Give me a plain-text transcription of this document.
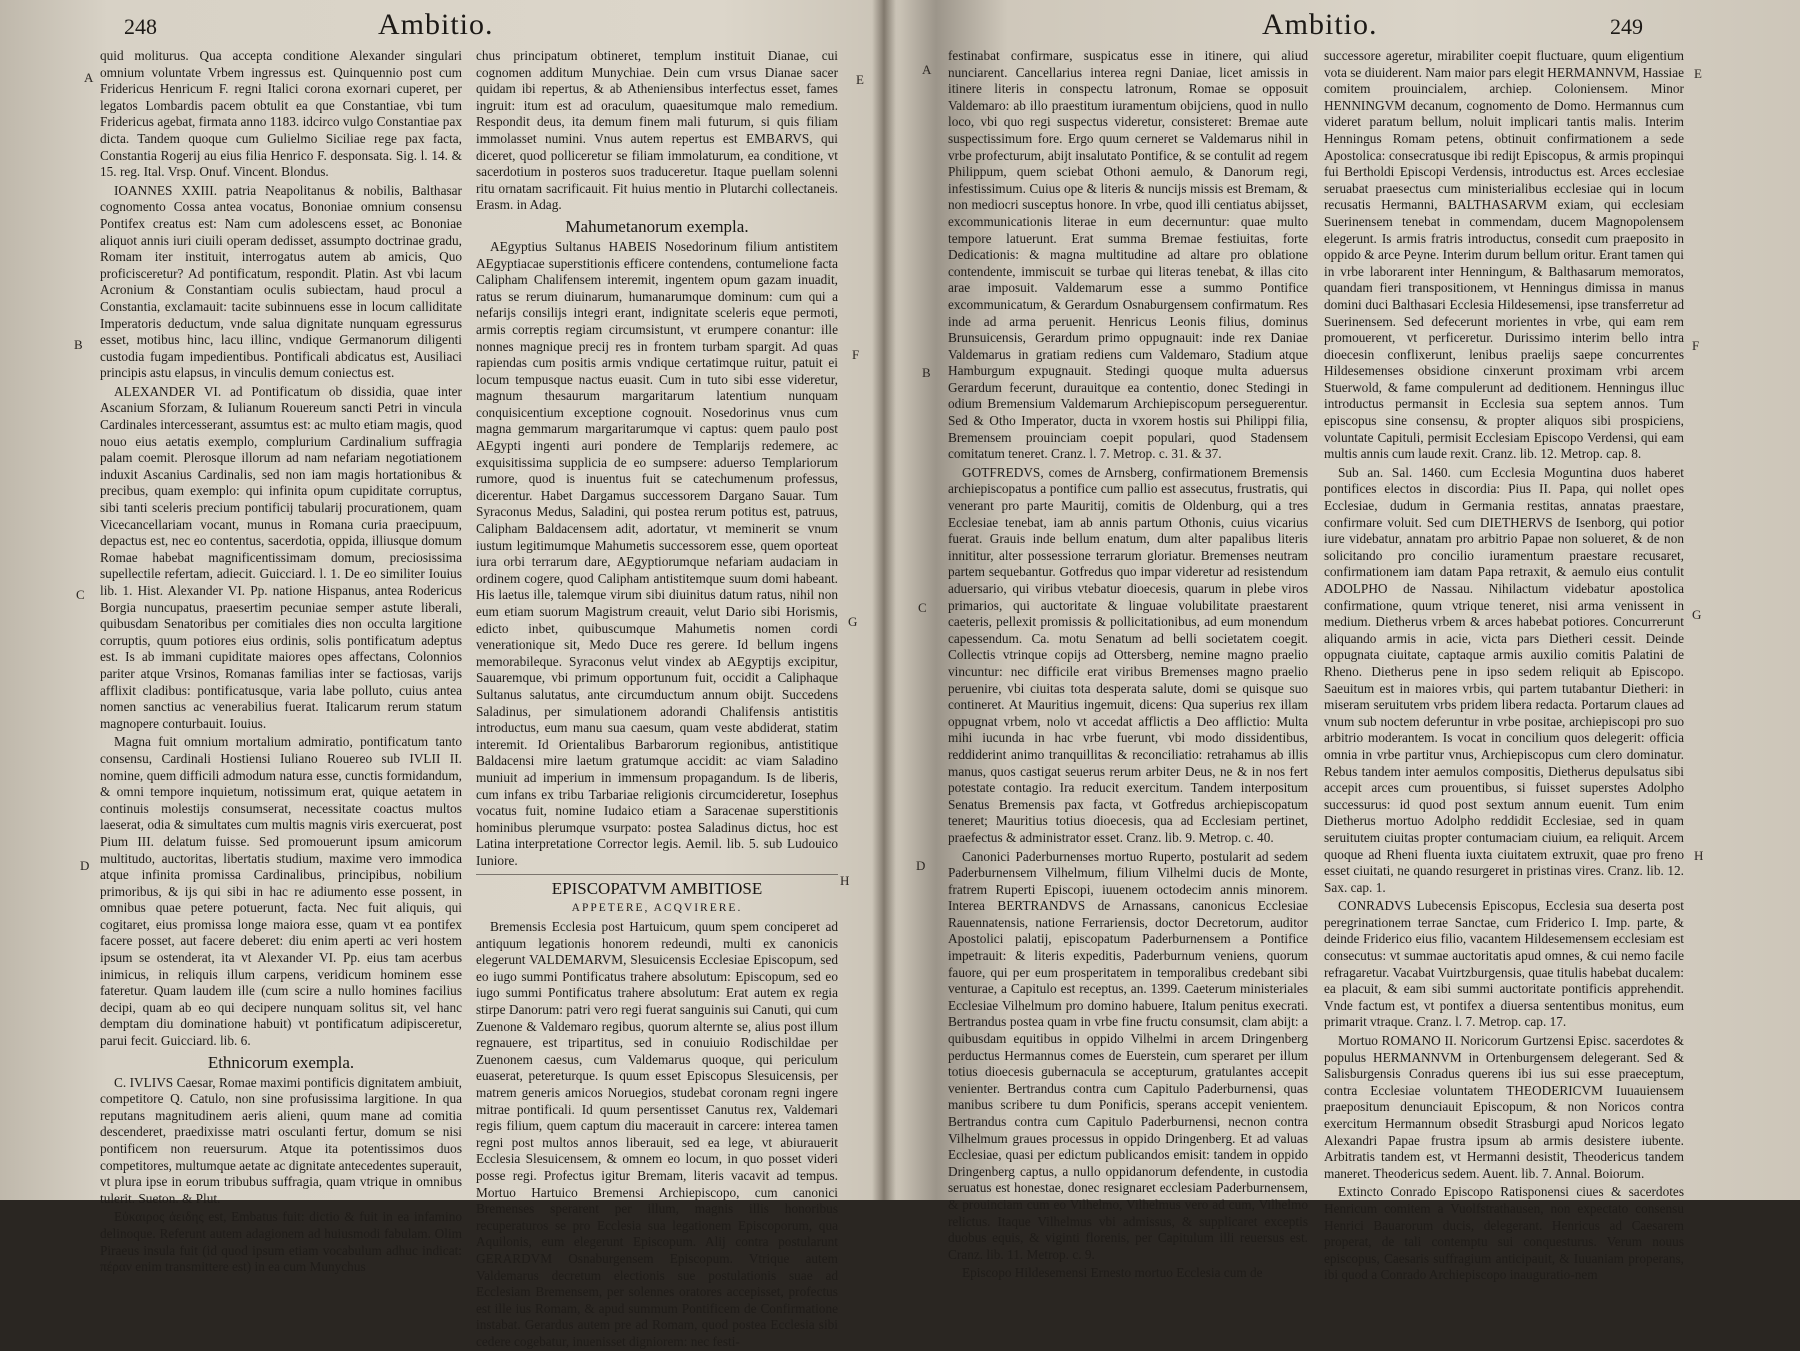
248	Ambitio.
A
B
C
D
E
F
G
H

quid moliturus. Qua accepta conditione Alexander singulari omnium voluntate Vrbem ingressus est. Quinquennio post cum Fridericus Henricum F. regni Italici corona exornari cuperet, per legatos Lombardis pacem obtulit ea que Constantiae, vbi tum Fridericus agebat, firmata anno 1183. idcirco vulgo Constantiae pax dicta. Tandem quoque cum Gulielmo Siciliae rege pax facta, Constantia Rogerij au eius filia Henrico F. desponsata. Sig. l. 14. & 15. reg. Ital. Vrsp. Onuf. Vincent. Blondus.

IOANNES XXIII. patria Neapolitanus & nobilis, Balthasar cognomento Cossa antea vocatus, Bononiae omnium consensu Pontifex creatus est: Nam cum adolescens esset, ac Bononiae aliquot annis iuri ciuili operam dedisset, assumpto doctrinae gradu, Romam iter instituit, interrogatus autem ab amicis, Quo proficisceretur? Ad pontificatum, respondit. Platin. Ast vbi lacum Acronium & Constantiam oculis subiectam, haud procul a Constantia, exclamauit: tacite subinnuens esse in locum calliditate Imperatoris deductum, vnde salua dignitate nunquam egressurus esset, motibus hinc, lacu illinc, vndique Germanorum diligenti custodia fugam impedientibus. Pontificali abdicatus est, Ausiliaci principis astu elapsus, in vinculis demum coniectus est.

ALEXANDER VI. ad Pontificatum ob dissidia, quae inter Ascanium Sforzam, & Iulianum Rouereum sancti Petri in vincula Cardinales intercesserant, assumtus est: ac multo etiam magis, quod nouo eius aetatis exemplo, complurium Cardinalium suffragia palam coemit. Plerosque illorum ad nam nefariam negotiationem induxit Ascanius Cardinalis, sed non iam magis hortationibus & precibus, quam exemplo: qui infinita opum cupiditate corruptus, sibi tanti sceleris precium pontificij tabularij procurationem, quam Vicecancellariam vocant, munus in Romana curia praecipuum, depactus est, nec eo contentus, sacerdotia, oppida, illiusque domum Romae habebat magnificentissimam domum, preciosissima supellectile refertam, adiecit. Guicciard. l. 1. De eo similiter Iouius lib. 1. Hist. Alexander VI. Pp. natione Hispanus, antea Rodericus Borgia nuncupatus, praesertim pecuniae semper astute liberali, quibusdam Senatoribus per comitiales dies non occulta largitione corruptis, quum potiores eius ordinis, solis pontificatum adeptus est. Is ab immani cupiditate maiores opes affectans, Colonnios pariter atque Vrsinos, Romanas familias inter se factiosas, varijs afflixit cladibus: pontificatusque, varia labe polluto, cuius antea nomen sanctius ac venerabilius fuerat. Italicarum rerum statum magnopere conturbauit. Iouius.

Magna fuit omnium mortalium admiratio, pontificatum tanto consensu, Cardinali Hostiensi Iuliano Rouereo sub IVLII II. nomine, quem difficili admodum natura esse, cunctis formidandum, & omni tempore inquietum, notissimum erat, quique aetatem in continuis molestijs consumserat, necessitate coactus multos laeserat, odia & simultates cum multis magnis viris exercuerat, post Pium III. delatum fuisse. Sed promouerunt ipsum amicorum multitudo, auctoritas, libertatis studium, maxime vero immodica atque infinita promissa Cardinalibus, principibus, nobilium primoribus, & ijs qui sibi in hac re adiumento esse possent, in omnibus quae petere potuerunt, facta. Nec fuit aliquis, qui cogitaret, eius promissa longe maiora esse, quam vt ea pontifex facere posset, aut facere deberet: diu enim aperti ac veri hostem ipsum se ostenderat, ita vt Alexander VI. Pp. eius tam acerbus inimicus, in reliquis illum carpens, veridicum hominem esse fateretur. Quam laudem ille (cum scire a nullo homines facilius decipi, quam ab eo qui decipere nunquam solitus sit, vel hanc demptam diu dominatione habuit) vt pontificatum adipisceretur, parui fecit. Guicciard. lib. 6.

Ethnicorum exempla.

C. IVLIVS Caesar, Romae maximi pontificis dignitatem ambiuit, competitore Q. Catulo, non sine profusissima largitione. In qua reputans magnitudinem aeris alieni, quum mane ad comitia descenderet, praedixisse matri osculanti fertur, domum se nisi pontificem non reuersurum. Atque ita potentissimos duos competitores, multumque aetate ac dignitate antecedentes superauit, vt plura ipse in eorum tribubus suffragia, quam vtrique in omnibus tulerit. Sueton. & Plut.

Εὐκαιρος ἀειδης est, Embatus fuit: dictio & fuit in ea infamino delinoque. Referunt autem adagionem ad huiusmodi fabulam. Olim Piraeus insula fuit (id quod ipsum etiam vocabulum adhuc indicat: πέραν enim transmittere est) in ea cum Munychus

chus principatum obtineret, templum instituit Dianae, cui cognomen additum Munychiae. Dein cum vrsus Dianae sacer quidam ibi repertus, & ab Atheniensibus interfectus esset, fames ingruit: itum est ad oraculum, quaesitumque malo remedium. Respondit deus, ita demum finem mali futurum, si quis filiam immolasset numini. Vnus autem repertus est EMBARVS, qui diceret, quod polliceretur se filiam immolaturum, ea conditione, vt sacerdotium in posteros suos traduceretur. Itaque puellam solenni ritu ornatam sacrificauit. Fit huius mentio in Plutarchi collectaneis. Erasm. in Adag.

Mahumetanorum exempla.

AEgyptius Sultanus HABEIS Nosedorinum filium antistitem AEgyptiacae superstitionis efficere contendens, contumelione facta Calipham Chalifensem interemit, ingentem opum gazam inuadit, ratus se rerum diuinarum, humanarumque dominum: cum qui a nefarijs consilijs integri erant, indignitate sceleris eque permoti, armis correptis regiam circumsistunt, vt erumpere conantur: ille nonnes magnique precij res in frontem turbam spargit. Ad quas rapiendas cum positis armis vndique certatimque ruitur, patuit ei locum tempusque nactus euasit. Cum in tuto sibi esse videretur, magnum thesaurum margaritarum latentium nunquam conquisicentium exceptione cognouit. Nosedorinus vnus cum magna gemmarum margaritarumque vi captus: quem paulo post AEgypti ingenti auri pondere de Templarijs redemere, ac exquisitissima supplicia de eo sumpsere: aduerso Templariorum rumore, quod is inuentus fuit se catechumenum professus, dicerentur. Habet Dargamus successorem Dargano Sauar. Tum Syraconus Medus, Saladini, qui postea rerum potitus est, patruus, Calipham Baldacensem adit, adortatur, vt meminerit se vnum iustum legitimumque Mahumetis successorem esse, quem oporteat iura orbi terrarum dare, AEgyptiorumque nefariam audaciam in ordinem cogere, quod Calipham antistitemque suum domi habeant. His laetus ille, talemque virum sibi diuinitus datum ratus, nihil non eum etiam suorum Magistrum creauit, velut Dario sibi Horismis, edicto inbet, quibuscumque Mahumetis nomen cordi venerationique sit, Medo Duce res gerere. Id bellum ingens memorabileque. Syraconus velut vindex ab AEgyptijs excipitur, Sauaremque, vbi primum opportunum fuit, occidit a Caliphaque Sultanus salutatus, ante circumductum annum obijt. Succedens Saladinus, per simulationem adorandi Chalifensis antistitis introductus, eum manu sua caesum, quam veste abdiderat, statim interemit. Id Orientalibus Barbarorum regionibus, antistitique Baldacensi mire laetum gratumque accidit: ac viam Saladino muniuit ad imperium in immensum propagandum. Is de liberis, cum infans ex tribu Tarbariae religionis circumcideretur, Iosephus vocatus fuit, nomine Iudaico etiam a Saracenae superstitionis hominibus plerumque vsurpato: postea Saladinus dictus, hoc est Latina interpretatione Corrector legis. Aemil. lib. 5. sub Ludouico Iuniore.

EPISCOPATVM AMBITIOSE
APPETERE, ACQVIRERE.

Bremensis Ecclesia post Hartuicum, quum spem conciperet ad antiquum legationis honorem redeundi, multi ex canonicis elegerunt VALDEMARVM, Slesuicensis Ecclesiae Episcopum, sed eo iugo summi Pontificatus trahere absolutum: Episcopum, sed eo iugo summi Pontificatus trahere absolutum: Erat autem ex regia stirpe Danorum: patri vero regi fuerat sanguinis sui Canuti, qui cum Zuenone & Valdemaro regibus, quorum alternte se, alius post illum regnauere, est tripartitus, sed in conuiuio Rodischildae per Zuenonem caesus, cum Valdemarus quoque, qui periculum euaserat, petereturque. Is quum esset Episcopus Slesuicensis, per matrem generis amicos Noruegios, studebat coronam regni ingere mitrae pontificali. Id quum persentisset Canutus rex, Valdemari regis filium, quem captum diu macerauit in carcere: interea tamen regni post multos annos liberauit, sed ea lege, vt abiurauerit Ecclesia Slesuicensem, & omnem eo locum, in quo posset videri posse regi. Profectus igitur Bremam, literis vacavit ad tempus. Mortuo Hartuico Bremensi Archiepiscopo, cum canonici Bremenses sperarent per illum, magnis illis honoribus recuperaturos se pro Ecclesia sua legationem Episcoporum, qua Aquilonis, eum elegerunt Episcopum. Alij contra postularunt GERARDVM Osnaburgensem Episcopum. Vtrique autem Valdemarus decretum electionis sue postulationis suae ad Ecclesiam Bremensem, per solennes oratores accepisset, profectus est ille ius Romam, & apud summum Pontificem de Confirmatione instabat. Gerardus autem pre ad Romam, quod postea Ecclesia sibi cedere cogebatur, inuenisset digniorem: nec festi-

Ambitio.	249
A
B
C
D
E
F
G
H

festinabat confirmare, suspicatus esse in itinere, qui aliud nunciarent. Cancellarius interea regni Daniae, licet amissis in itinere literis in conspectu latronum, Romae se opposuit Valdemaro: ab illo praestitum iuramentum obijciens, quod in nullo loco, vbi quo regi suspectus videretur, consisteret: Bremae aute suspectissimum fore. Ergo quum cerneret se Valdemarus nihil in vrbe profecturum, abijt insalutato Pontifice, & se contulit ad regem Philippum, quem sciebat Othoni aemulo, & Danorum regi, infestissimum. Cuius ope & literis & nuncijs missis est Bremam, & non mediocri susceptus honore. In vrbe, quod illi centiatus abijsset, excommunicationis literae in eum decernuntur: quae multo tempore latuerunt. Erat summa Bremae festiuitas, forte Dedicationis: & magna multitudine ad altare pro oblatione contendente, immiscuit se turbae qui literas tenebat, & illas cito arae imposuit. Valdemarum esse a summo Pontifice excommunicatum, & Gerardum Osnaburgensem confirmatum. Res inde ad arma peruenit. Henricus Leonis filius, dominus Brunsuicensis, Gerardum primo oppugnauit: inde rex Daniae Valdemarus in gratiam rediens cum Valdemaro, Stadium atque Hamburgum expugnauit. Stedingi quoque multa aduersus Gerardum fecerunt, durauitque ea contentio, donec Stedingi in odium Bremensium Valdemarum Archiepiscopum perseguerentur. Sed & Otho Imperator, ducta in vxorem hostis sui Philippi filia, Bremensem prouinciam coepit populari, quod Stadensem comitatum teneret. Cranz. l. 7. Metrop. c. 31. & 37.

GOTFREDVS, comes de Arnsberg, confirmationem Bremensis archiepiscopatus a pontifice cum pallio est assecutus, frustratis, qui venerant pro parte Mauritij, comitis de Oldenburg, qui a tres Ecclesiae tenebat, iam ab annis partum Othonis, cuius vicarius fuerat. Grauis inde bellum enatum, dum alter papalibus literis innititur, alter possessione terrarum gloriatur. Bremenses neutram partem sequebantur. Gotfredus quo impar videretur ad resistendum aduersario, qui viribus vtebatur dioecesis, quarum in plebe viros primarios, qui auctoritate & linguae volubilitate praestarent caeteris, pellexit promissis & pollicitationibus, ad eum monendum capessendum. Ca. motu Senatum ad belli societatem coegit. Collectis vtrinque copijs ad Ottersberg, nemine magno praelio vincuntur: nec difficile erat viribus Bremenses magno praelio peruenire, vbi ciuitas tota desperata salute, domi se quisque suo contineret. At Mauritius ingemuit, dicens: Qua superius rex illam oppugnat vrbem, nolo vt accedat afflictis a Deo afflictio: Multa mihi iucunda in hac vrbe fuerunt, vbi modo dissidentibus, reddiderint animo tranquillitas & reconciliatio: retrahamus ab illis manus, quos castigat seuerus rerum arbiter Deus, ne & in nos fert potestate contagio. Ira reducit exercitum. Tandem interpositum Senatus Bremensis pax facta, vt Gotfredus archiepiscopatum teneret; Mauritius totius dioecesis, qua ad Ecclesiam pertinet, praefectus & administrator esset. Cranz. lib. 9. Metrop. c. 40.

Canonici Paderburnenses mortuo Ruperto, postularit ad sedem Paderburnensem Vilhelmum, filium Vilhelmi ducis de Monte, fratrem Ruperti Episcopi, iuuenem octodecim annis minorem. Interea BERTRANDVS de Arnassans, canonicus Ecclesiae Rauennatensis, natione Ferrariensis, doctor Decretorum, auditor Apostolici palatij, episcopatum Paderburnensem a Pontifice impetrauit: & literis expeditis, Paderburnum veniens, quorum fauore, qui per eum prosperitatem in temporalibus credebant sibi venturae, a Capitulo est receptus, an. 1399. Caeterum ministeriales Ecclesiae Vilhelmum pro domino habuere, Italum penitus execrati. Bertrandus postea quam in vrbe fine fructu consumsit, clam abijt: a quibusdam equitibus in oppido Vilhelmi in arcem Dringenberg perductus Hermannus comes de Euerstein, cum speraret per illum totius dioecesis gubernacula se accepturum, gratulantes accepit venienter. Bertrandus contra cum Capitulo Paderburnensi, quas manibus scribere tu dum Ponificis, sperans accepit venientem. Bertrandus contra cum Capitulo Paderburnensi, necnon contra Vilhelmum graues processus in oppido Dringenberg. Et ad valuas Ecclesiae, quasi per edictum publicandos emisit: tandem in oppido Dringenberg captus, a nullo oppidanorum defendente, in custodia seruatus est honestae, donec resignaret ecclesiam Paderburnensem, & prouinciam cum eo Vilhelmo, Vilhelmus vero ad cum, Vilhelmo relictus. Itaque Vilhelmus vbi admissus, & supplicaret exceptis duobus equis, & viginti florenis, per Capitulum illi reuersus est. Cranz. lib. 11. Metrop. c. 9.

Episcopo Hildesemensi Ernesto mortuo Ecclesia cum de

successore ageretur, mirabiliter coepit fluctuare, quum eligentium vota se diuiderent. Nam maior pars elegit HERMANNVM, Hassiae comitem prouincialem, archiep. Coloniensem. Minor HENNINGVM decanum, cognomento de Domo. Hermannus cum videret paratum bellum, noluit implicari tantis malis. Interim Henningus Romam petens, obtinuit confirmationem a sede Apostolica: consecratusque ibi redijt Episcopus, & armis propinqui fui Bertholdi Episcopi Verdensis, introductus est. Arces ecclesiae seruabat praesectus cum ministerialibus ecclesiae qui in locum recusatis Hermanni, BALTHASARVM exiam, qui ecclesiam Suerinensem tenebat in commendam, ducem Magnopolensem elegerunt. Is armis fratris introductus, consedit cum praeposito in oppido & arce Peyne. Interim durum bellum oritur. Erant tamen qui in vrbe laborarent inter Henningum, & Balthasarum memoratos, quandam fieri transpositionem, vt Henningus dimissa in manus domini duci Balthasari Ecclesia Hildesemensi, ipse transferretur ad Suerinensem. Sed defecerunt morientes in vrbe, qui eam rem promouerent, vt perficeretur. Durissimo interim bello intra dioecesin conflixerunt, lenibus praelijs saepe concurrentes Hildesemenses obsidione cinxerunt proximam vrbi arcem Stuerwold, & fame compulerunt ad deditionem. Henningus illuc introductus permansit in Ecclesia sua septem annos. Tum episcopus sine consensu, & propter aliquos sibi prospiciens, voluntate Capituli, permisit Ecclesiam Episcopo Verdensi, qui eam multis annis cum laude rexit. Cranz. lib. 12. Metrop. cap. 8.

Sub an. Sal. 1460. cum Ecclesia Moguntina duos haberet pontifices electos in discordia: Pius II. Papa, qui nollet opes Ecclesiae, dudum in Germania restitas, annatas praestare, confirmare voluit. Sed cum DIETHERVS de Isenborg, qui potior iure videbatur, annatam pro arbitrio Papae non solueret, & de non solicitando pro concilio iuramentum praestare recusaret, confirmationem iam datam Papa retraxit, & aemulo eius contulit ADOLPHO de Nassau. Nihilactum videbatur apostolica confirmatione, quum vtrique teneret, nisi arma venissent in medium. Dietherus vrbem & arces habebat potiores. Concurrerunt aliquando armis in acie, victa pars Dietheri cessit. Deinde oppugnata ciuitate, captaque armis auxilio comitis Palatini de Rheno. Dietherus pene in ipso sedem reliquit ab Episcopo. Saeuitum est in maiores vrbis, qui partem tutabantur Dietheri: in miseram seruitutem vrbs pridem libera redacta. Portarum claues ad vnum sub noctem deferuntur in vrbe positae, archiepiscopi pro suo arbitrio moderantem. Is vocat in concilium quos delegerit: officia omnia in vrbe partitur vnus, Archiepiscopus cum clero dominatur. Rebus tandem inter aemulos compositis, Dietherus depulsatus sibi accepit arces cum prouentibus, si fuisset superstes Adolpho successurus: id quod post sextum annum euenit. Tum enim Dietherus mortuo Adolpho reddidit Ecclesiae, sed in quam seruitutem ciuitas propter contumaciam ciuium, ea reliquit. Arcem quoque ad Rheni fluenta iuxta ciuitatem extruxit, quae pro freno esset ciuitati, ne quando resurgeret in pristinas vires. Cranz. lib. 12. Sax. cap. 1.

CONRADVS Lubecensis Episcopus, Ecclesia sua deserta post peregrinationem terrae Sanctae, cum Friderico I. Imp. parte, & deinde Friderico eius filio, vacantem Hildesemensem ecclesiam est consecutus: vt summae auctoritatis apud omnes, & cui nemo facile refragaretur. Vacabat Vuirtzburgensis, quae titulis habebat ducalem: ea placuit, & eam sibi summi auctoritate pontificis apprehendit. Vnde factum est, vt pontifex a diuersa sententibus monitus, eum primarit vtraque. Cranz. l. 7. Metrop. cap. 17.

Mortuo ROMANO II. Noricorum Gurtzensi Episc. sacerdotes & populus HERMANNVM in Ortenburgensem delegerant. Sed & Salisburgensis Conradus querens ibi ius sui esse praeceptum, contra Ecclesiae voluntatem THEODERICVM Iuuauiensem praepositum denunciauit Episcopum, & non Noricos contra exercitum Hermannum obsedit Strasburgi apud Noricos legato Alexandri Papae frustra ipsum ab armis desistere iubente. Arbitratis tandem est, vt Hermanni desistit, Theodericus tandem maneret. Theodericus sedem. Auent. lib. 7. Annal. Boiorum.

Extincto Conrado Episcopo Ratisponensi ciues & sacerdotes Henricum comitem a Vuolfstrathausen, non expectato consensu Henrici Bauarorum ducis, delegerant. Henricus ad Caesarem properat, de tali contemptu sui conquesturus. Verum nouus episcopus, Caesaris suffragium anticipauit, & Iuuaniam properans, ibi quod a Conrado Archiepiscopo inauguratio-nem
